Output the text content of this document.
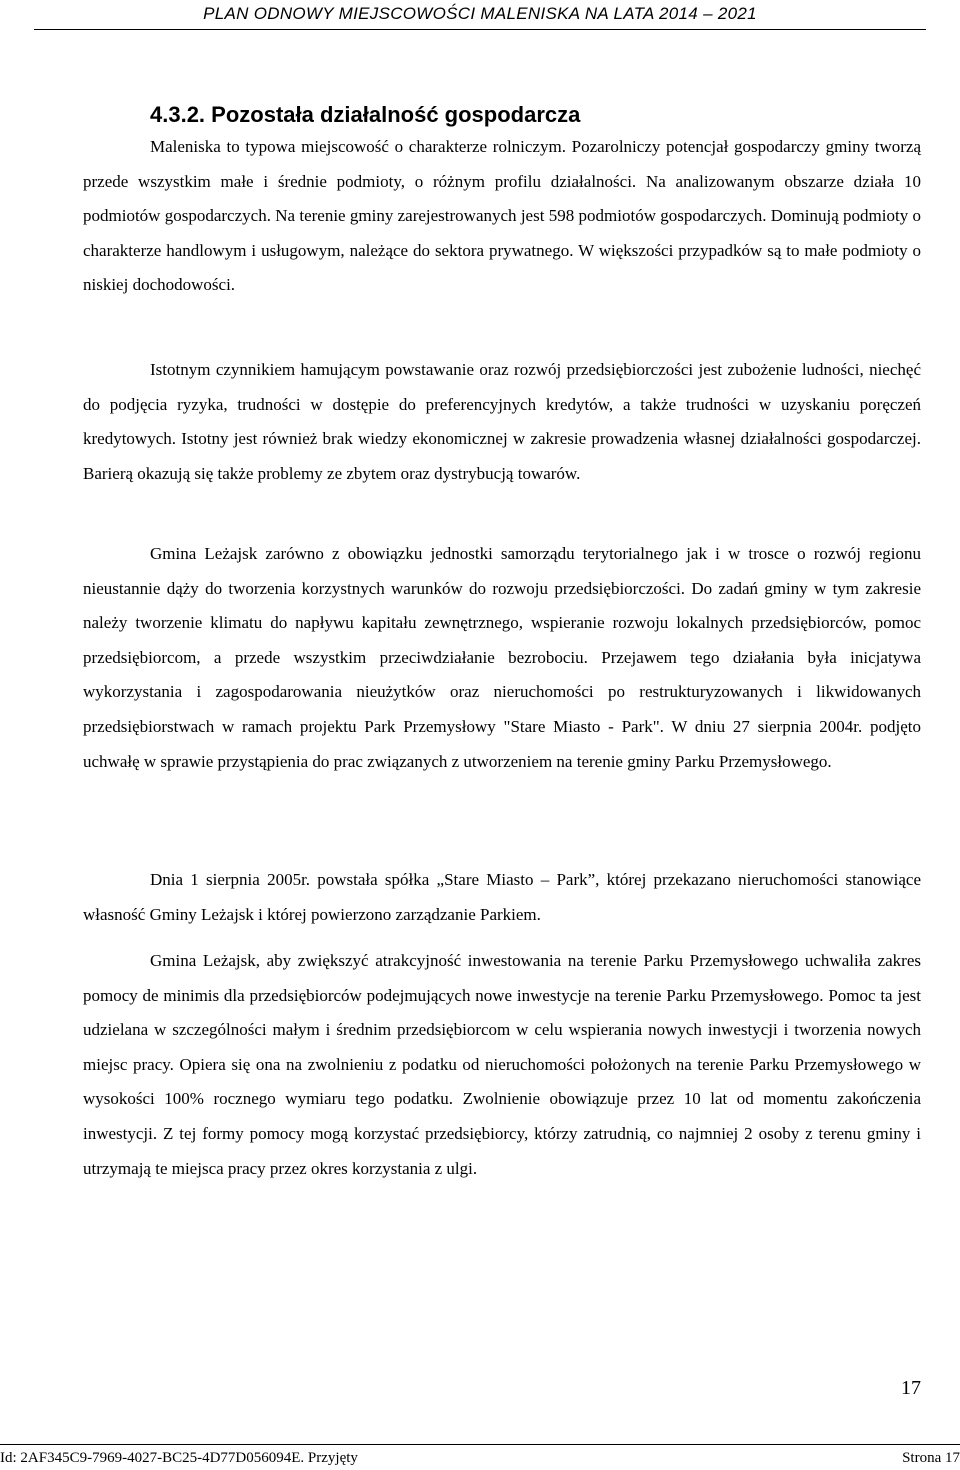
PLAN ODNOWY MIEJSCOWOŚCI MALENISKA NA LATA 2014 – 2021
4.3.2. Pozostała działalność gospodarcza

Maleniska to typowa miejscowość o charakterze rolniczym. Pozarolniczy potencjał gospodarczy gminy tworzą przede wszystkim małe i średnie podmioty, o różnym profilu działalności. Na analizowanym obszarze działa 10 podmiotów gospodarczych. Na terenie gminy zarejestrowanych jest 598 podmiotów gospodarczych. Dominują podmioty o charakterze handlowym i usługowym, należące do sektora prywatnego. W większości przypadków są to małe podmioty o niskiej dochodowości.

Istotnym czynnikiem hamującym powstawanie oraz rozwój przedsiębiorczości jest zubożenie ludności, niechęć do podjęcia ryzyka, trudności w dostępie do preferencyjnych kredytów, a także trudności w uzyskaniu poręczeń kredytowych. Istotny jest również brak wiedzy ekonomicznej w zakresie prowadzenia własnej działalności gospodarczej. Barierą okazują się także problemy ze zbytem oraz dystrybucją towarów.

Gmina Leżajsk zarówno z obowiązku jednostki samorządu terytorialnego jak i w trosce o rozwój regionu nieustannie dąży do tworzenia korzystnych warunków do rozwoju przedsiębiorczości. Do zadań gminy w tym zakresie należy tworzenie klimatu do napływu kapitału zewnętrznego, wspieranie rozwoju lokalnych przedsiębiorców, pomoc przedsiębiorcom, a przede wszystkim przeciwdziałanie bezrobociu. Przejawem tego działania była inicjatywa wykorzystania i zagospodarowania nieużytków oraz nieruchomości po restrukturyzowanych i likwidowanych przedsiębiorstwach w ramach projektu Park Przemysłowy "Stare Miasto - Park". W dniu 27 sierpnia 2004r. podjęto uchwałę w sprawie przystąpienia do prac związanych z utworzeniem na terenie gminy Parku Przemysłowego.

Dnia 1 sierpnia 2005r. powstała spółka „Stare Miasto – Park”, której przekazano nieruchomości stanowiące własność Gminy Leżajsk i której powierzono zarządzanie Parkiem.

Gmina Leżajsk, aby zwiększyć atrakcyjność inwestowania na terenie Parku Przemysłowego uchwaliła zakres pomocy de minimis dla przedsiębiorców podejmujących nowe inwestycje na terenie Parku Przemysłowego. Pomoc ta jest udzielana w szczególności małym i średnim przedsiębiorcom w celu wspierania nowych inwestycji i tworzenia nowych miejsc pracy. Opiera się ona na zwolnieniu z podatku od nieruchomości położonych na terenie Parku Przemysłowego w wysokości 100% rocznego wymiaru tego podatku. Zwolnienie obowiązuje przez 10 lat od momentu zakończenia inwestycji. Z tej formy pomocy mogą korzystać przedsiębiorcy, którzy zatrudnią, co najmniej 2 osoby z terenu gminy i utrzymają te miejsca pracy przez okres korzystania z ulgi.

17
Id: 2AF345C9-7969-4027-BC25-4D77D056094E. Przyjęty	Strona 17
